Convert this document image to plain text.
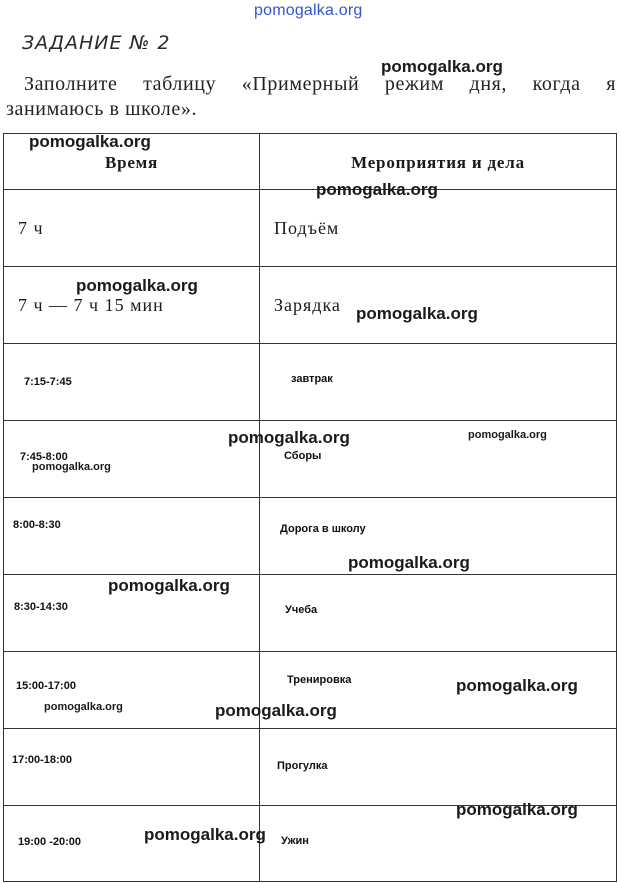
pomogalka.org
ЗАДАНИЕ № 2
Заполните таблицу «Примерный режим дня, когда я
занимаюсь в школе».
Время	Мероприятия и дела
7 ч	Подъём
7 ч — 7 ч 15 мин	Зарядка

7:15-7:45	завтрак
7:45-8:00	Сборы
8:00-8:30	Дорога в школу
8:30-14:30	Учеба
15:00-17:00	Тренировка
17:00-18:00	Прогулка
19:00 -20:00	Ужин
pomogalka.org
pomogalka.org
pomogalka.org
pomogalka.org
pomogalka.org
pomogalka.org	pomogalka.org
pomogalka.org
pomogalka.org
pomogalka.org
pomogalka.org
pomogalka.org	pomogalka.org
pomogalka.org
pomogalka.org
